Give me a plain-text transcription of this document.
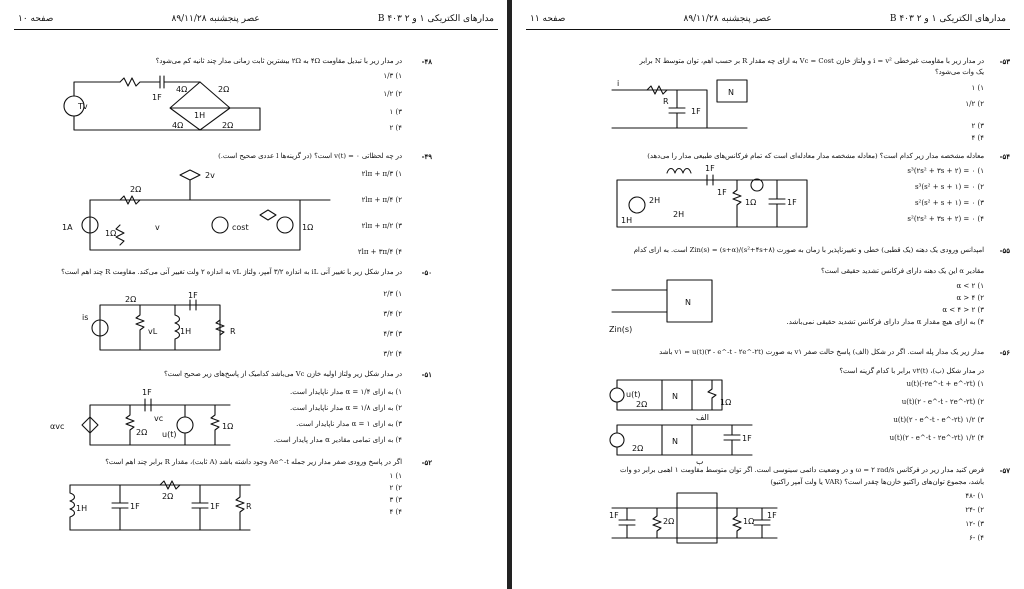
مدارهای الکتریکی ۱ و ۲ B ۴۰۳
عصر پنجشنبه ۸۹/۱۱/۲۸
صفحه ۱۰
-۴۸
در مدار زیر با تبدیل مقاومت ۴Ω به ۲Ω بیشترین ثابت زمانی مدار چند ثانیه کم می‌شود؟
۱) ۱/۳
۲) ۱/۲
۳) ۱
۴) ۲
Tv
1F
4Ω	2Ω
1H
4Ω	2Ω
-۴۹
در چه لحظاتی v(t) = ۰ است؟ (در گزینه‌ها l عددی صحیح است.)
۱) ۲lπ + π/۳
۲) ۲lπ + π/۴
۳) ۲lπ + π/۲
۴) ۲lπ + ۳π/۴
1A
2Ω
1Ω
v	cost	1Ω
2v
-۵۰
در مدار شکل زیر با تغییر آنی iL به اندازه ۳/۲ آمپر، ولتاژ vL به اندازه ۲ ولت تغییر آنی می‌کند. مقاومت R چند اهم است؟
۱) ۲/۳
۲) ۳/۴
۳) ۴/۳
۴) ۳/۲
is
vL	1H
1F
R
2Ω
-۵۱
در مدار شکل زیر ولتاژ اولیه خازن Vc می‌باشد کدامیک از پاسخ‌های زیر صحیح است؟
۱) به ازای α = ۱/۴ مدار ناپایدار است.
۲) به ازای α = ۱/۸ مدار ناپایدار است.
۳) به ازای α = ۱ مدار ناپایدار است.
۴) به ازای تمامی مقادیر α مدار پایدار است.
αvc
1F
vc
2Ω u(t)
1Ω
-۵۲
اگر در پاسخ ورودی صفر مدار زیر جمله Ae^-t وجود داشته باشد (A ثابت)، مقدار R برابر چند اهم است؟
۱) ۱
۲) ۲
۳) ۳
۴) ۴
1H	1F
2Ω
1F	R
مدارهای الکتریکی ۱ و ۲ B ۴۰۳
عصر پنجشنبه ۸۹/۱۱/۲۸
صفحه ۱۱
-۵۳
در مدار زیر با مقاومت غیرخطی i = v² و ولتاژ خازن Vc = Cost به ازای چه مقدار R بر حسب اهم، توان متوسط N برابر
یک وات می‌شود؟
۱) ۱
۲) ۱/۲
۳) ۲
۴) ۴
i
R
N
1F
-۵۴
معادله مشخصه مدار زیر کدام است؟ (معادله مشخصه مدار معادله‌ای است که تمام فرکانس‌های طبیعی مدار را می‌دهد)
۱) s³(۲s² + ۳s + ۲) = ۰
۲) s³(s² + s + ۱) = ۰
۳) s²(s² + s + ۱) = ۰
۴) s²(۲s² + ۳s + ۲) = ۰
2H
1F
1Ω	1F
1H
2H
1F
-۵۵
امپدانس ورودی یک دهنه (یک قطبی) خطی و تغییرناپذیر با زمان به صورت Zin(s) = (s+α)/(s²+۴s+۸) است. به ازای کدام
مقادیر α این یک دهنه دارای فرکانس تشدید حقیقی است؟
۱) α < ۲
۲) α > ۴
۳) ۲ < α < ۴
۴) به ازای هیچ مقدار α مدار دارای فرکانس تشدید حقیقی نمی‌باشد.
N
Zin(s)
-۵۶
مدار زیر یک مدار پله است. اگر در شکل (الف) پاسخ حالت صفر v۱ به صورت v۱ = u(t)(۳ - e^-t - ۲e^-۲t) باشد
در مدار شکل (ب)، v۲(t) برابر با کدام گزینه است؟
۱) u(t)(-۲e^-t + e^-۲t)
۲) u(t)(۲ - e^-t - ۲e^-۲t)
۳) ۱/۲ u(t)(۲ - e^-t - e^-۲t)
۴) ۱/۲ u(t)(۲ - e^-t - ۲e^-۲t)
u(t)
2Ω
N
1Ω
2Ω
N	1F
الف
ب
-۵۷
فرض کنید مدار زیر در فرکانس ω = ۲ rad/s و در وضعیت دائمی سینوسی است. اگر توان متوسط مقاومت ۱ اهمی برابر دو وات
باشد، مجموع توان‌های راکتیو خازن‌ها چقدر است؟ (VAR یا ولت آمپر راکتیو)
۱) -۴۸
۲) -۲۴
۳) -۱۲
۴) -۶
1F
2Ω	1Ω
1F
